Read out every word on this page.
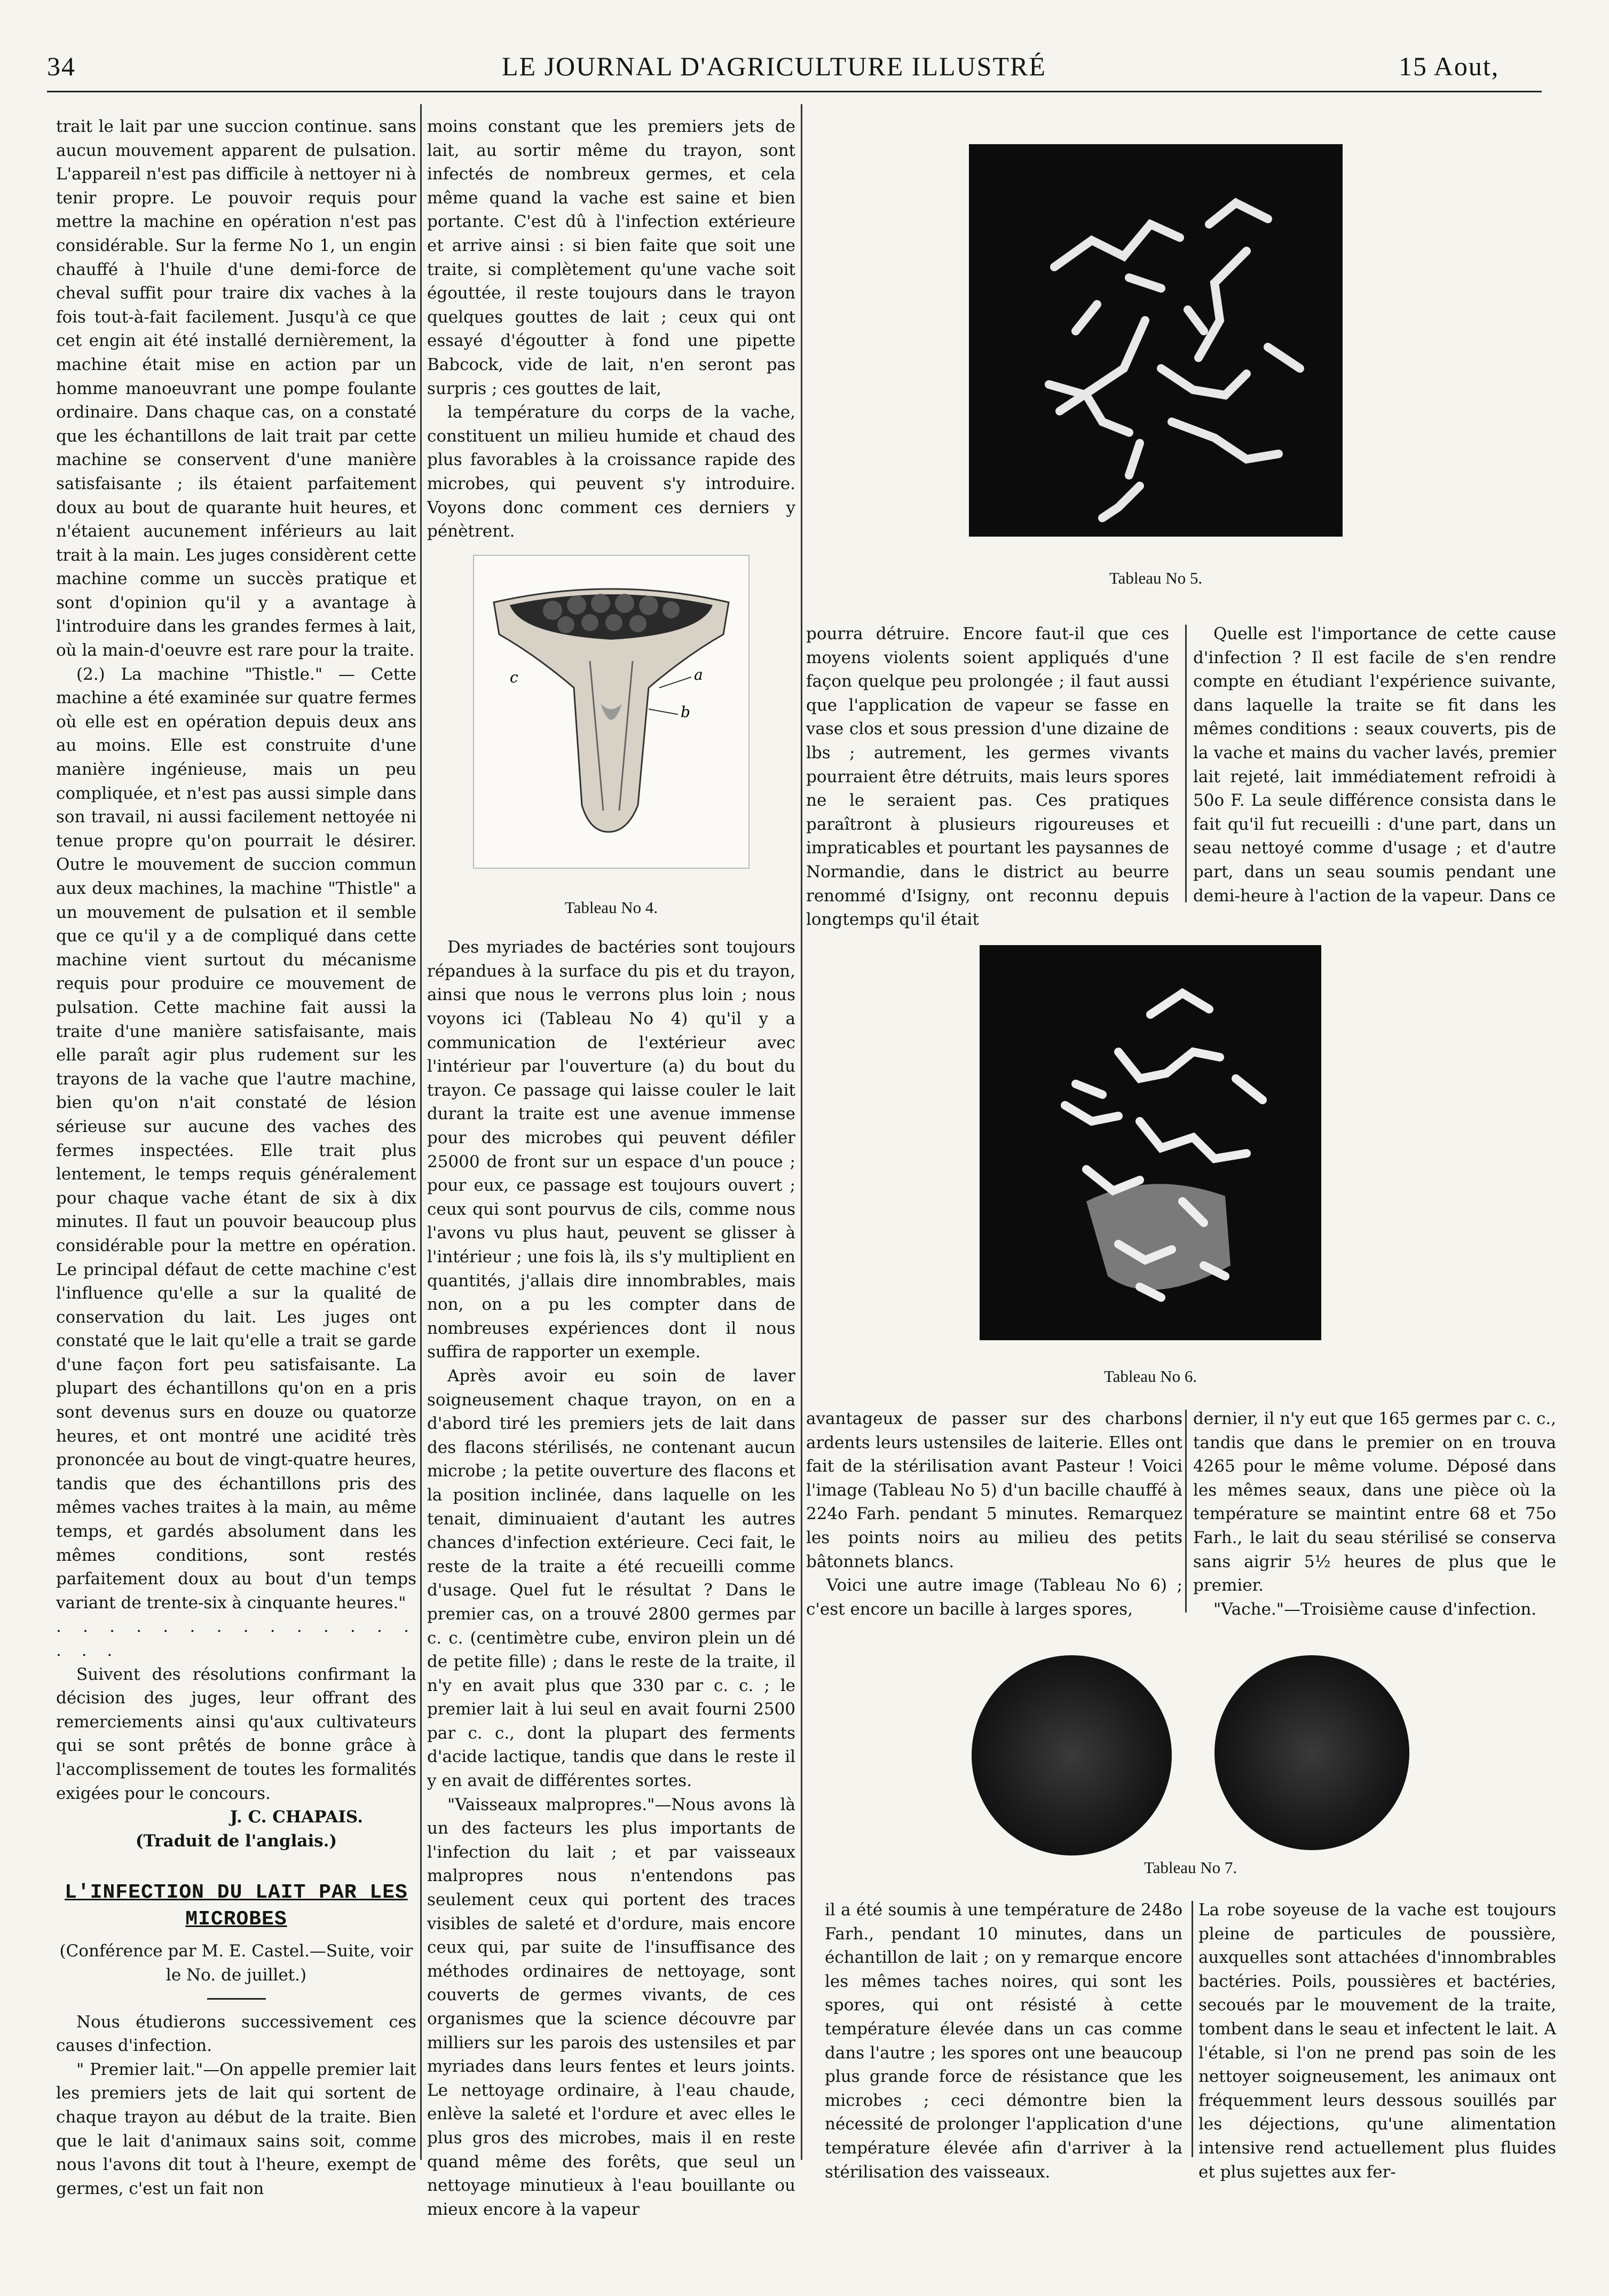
34	LE JOURNAL D'AGRICULTURE ILLUSTRÉ	15 Aout,

trait le lait par une succion continue. sans aucun mouvement apparent de pulsation. L'appareil n'est pas difficile à nettoyer ni à tenir propre. Le pouvoir requis pour mettre la machine en opération n'est pas considérable. Sur la ferme No 1, un engin chauffé à l'huile d'une demi-force de cheval suffit pour traire dix vaches à la fois tout-à-fait facilement. Jusqu'à ce que cet engin ait été installé dernièrement, la machine était mise en action par un homme manoeuvrant une pompe foulante ordinaire. Dans chaque cas, on a constaté que les échantillons de lait trait par cette machine se conservent d'une manière satisfaisante ; ils étaient parfaitement doux au bout de quarante huit heures, et n'étaient aucunement inférieurs au lait trait à la main. Les juges considèrent cette machine comme un succès pratique et sont d'opinion qu'il y a avantage à l'introduire dans les grandes fermes à lait, où la main-d'oeuvre est rare pour la traite.

(2.) La machine "Thistle." — Cette machine a été examinée sur quatre fermes où elle est en opération depuis deux ans au moins. Elle est construite d'une manière ingénieuse, mais un peu compliquée, et n'est pas aussi simple dans son travail, ni aussi facilement nettoyée ni tenue propre qu'on pourrait le désirer. Outre le mouvement de succion commun aux deux machines, la machine "Thistle" a un mouvement de pulsation et il semble que ce qu'il y a de compliqué dans cette machine vient surtout du mécanisme requis pour produire ce mouvement de pulsation. Cette machine fait aussi la traite d'une manière satisfaisante, mais elle paraît agir plus rudement sur les trayons de la vache que l'autre machine, bien qu'on n'ait constaté de lésion sérieuse sur aucune des vaches des fermes inspectées. Elle trait plus lentement, le temps requis généralement pour chaque vache étant de six à dix minutes. Il faut un pouvoir beaucoup plus considérable pour la mettre en opération. Le principal défaut de cette machine c'est l'influence qu'elle a sur la qualité de conservation du lait. Les juges ont constaté que le lait qu'elle a trait se garde d'une façon fort peu satisfaisante. La plupart des échantillons qu'on en a pris sont devenus surs en douze ou quatorze heures, et ont montré une acidité très prononcée au bout de vingt-quatre heures, tandis que des échantillons pris des mêmes vaches traites à la main, au même temps, et gardés absolument dans les mêmes conditions, sont restés parfaitement doux au bout d'un temps variant de trente-six à cinquante heures."

. . . . . . . . . . . . . . . . .

Suivent des résolutions confirmant la décision des juges, leur offrant des remerciements ainsi qu'aux cultivateurs qui se sont prêtés de bonne grâce à l'accomplissement de toutes les formalités exigées pour le concours.

J. C. CHAPAIS.

(Traduit de l'anglais.)

L'INFECTION DU LAIT PAR LES MICROBES

(Conférence par M. E. Castel.—Suite, voir le No. de juillet.)

Nous étudierons successivement ces causes d'infection.

" Premier lait."—On appelle premier lait les premiers jets de lait qui sortent de chaque trayon au début de la traite. Bien que le lait d'animaux sains soit, comme nous l'avons dit tout à l'heure, exempt de germes, c'est un fait non

moins constant que les premiers jets de lait, au sortir même du trayon, sont infectés de nombreux germes, et cela même quand la vache est saine et bien portante. C'est dû à l'infection extérieure et arrive ainsi : si bien faite que soit une traite, si complètement qu'une vache soit égouttée, il reste toujours dans le trayon quelques gouttes de lait ; ceux qui ont essayé d'égoutter à fond une pipette Babcock, vide de lait, n'en seront pas surpris ; ces gouttes de lait,

la température du corps de la vache, constituent un milieu humide et chaud des plus favorables à la croissance rapide des microbes, qui peuvent s'y introduire. Voyons donc comment ces derniers y pénètrent.

a
b
c

Tableau No 4.

Des myriades de bactéries sont toujours répandues à la surface du pis et du trayon, ainsi que nous le verrons plus loin ; nous voyons ici (Tableau No 4) qu'il y a communication de l'extérieur avec l'intérieur par l'ouverture (a) du bout du trayon. Ce passage qui laisse couler le lait durant la traite est une avenue immense pour des microbes qui peuvent défiler 25000 de front sur un espace d'un pouce ; pour eux, ce passage est toujours ouvert ; ceux qui sont pourvus de cils, comme nous l'avons vu plus haut, peuvent se glisser à l'intérieur ; une fois là, ils s'y multiplient en quantités, j'allais dire innombrables, mais non, on a pu les compter dans de nombreuses expériences dont il nous suffira de rapporter un exemple.

Après avoir eu soin de laver soigneusement chaque trayon, on en a d'abord tiré les premiers jets de lait dans des flacons stérilisés, ne contenant aucun microbe ; la petite ouverture des flacons et la position inclinée, dans laquelle on les tenait, diminuaient d'autant les autres chances d'infection extérieure. Ceci fait, le reste de la traite a été recueilli comme d'usage. Quel fut le résultat ? Dans le premier cas, on a trouvé 2800 germes par c. c. (centimètre cube, environ plein un dé de petite fille) ; dans le reste de la traite, il n'y en avait plus que 330 par c. c. ; le premier lait à lui seul en avait fourni 2500 par c. c., dont la plupart des ferments d'acide lactique, tandis que dans le reste il y en avait de différentes sortes.

"Vaisseaux malpropres."—Nous avons là un des facteurs les plus importants de l'infection du lait ; et par vaisseaux malpropres nous n'entendons pas seulement ceux qui portent des traces visibles de saleté et d'ordure, mais encore ceux qui, par suite de l'insuffisance des méthodes ordinaires de nettoyage, sont couverts de germes vivants, de ces organismes que la science découvre par milliers sur les parois des ustensiles et par myriades dans leurs fentes et leurs joints. Le nettoyage ordinaire, à l'eau chaude, enlève la saleté et l'ordure et avec elles le plus gros des microbes, mais il en reste quand même des forêts, que seul un nettoyage minutieux à l'eau bouillante ou mieux encore à la vapeur

Tableau No 5.

pourra détruire. Encore faut-il que ces moyens violents soient appliqués d'une façon quelque peu prolongée ; il faut aussi que l'application de vapeur se fasse en vase clos et sous pression d'une dizaine de lbs ; autrement, les germes vivants pourraient être détruits, mais leurs spores ne le seraient pas. Ces pratiques paraîtront à plusieurs rigoureuses et impraticables et pourtant les paysannes de Normandie, dans le district au beurre renommé d'Isigny, ont reconnu depuis longtemps qu'il était

Quelle est l'importance de cette cause d'infection ? Il est facile de s'en rendre compte en étudiant l'expérience suivante, dans laquelle la traite se fit dans les mêmes conditions : seaux couverts, pis de la vache et mains du vacher lavés, premier lait rejeté, lait immédiatement refroidi à 50o F. La seule différence consista dans le fait qu'il fut recueilli : d'une part, dans un seau nettoyé comme d'usage ; et d'autre part, dans un seau soumis pendant une demi-heure à l'action de la vapeur. Dans ce

Tableau No 6.

avantageux de passer sur des charbons ardents leurs ustensiles de laiterie. Elles ont fait de la stérilisation avant Pasteur ! Voici l'image (Tableau No 5) d'un bacille chauffé à 224o Farh. pendant 5 minutes. Remarquez les points noirs au milieu des petits bâtonnets blancs.

Voici une autre image (Tableau No 6) ; c'est encore un bacille à larges spores,

dernier, il n'y eut que 165 germes par c. c., tandis que dans le premier on en trouva 4265 pour le même volume. Déposé dans les mêmes seaux, dans une pièce où la température se maintint entre 68 et 75o Farh., le lait du seau stérilisé se conserva sans aigrir 5½ heures de plus que le premier.

"Vache."—Troisième cause d'infection.

Tableau No 7.

il a été soumis à une température de 248o Farh., pendant 10 minutes, dans un échantillon de lait ; on y remarque encore les mêmes taches noires, qui sont les spores, qui ont résisté à cette température élevée dans un cas comme dans l'autre ; les spores ont une beaucoup plus grande force de résistance que les microbes ; ceci démontre bien la nécessité de prolonger l'application d'une température élevée afin d'arriver à la stérilisation des vaisseaux.

La robe soyeuse de la vache est toujours pleine de particules de poussière, auxquelles sont attachées d'innombrables bactéries. Poils, poussières et bactéries, secoués par le mouvement de la traite, tombent dans le seau et infectent le lait. A l'étable, si l'on ne prend pas soin de les nettoyer soigneusement, les animaux ont fréquemment leurs dessous souillés par les déjections, qu'une alimentation intensive rend actuellement plus fluides et plus sujettes aux fer-
